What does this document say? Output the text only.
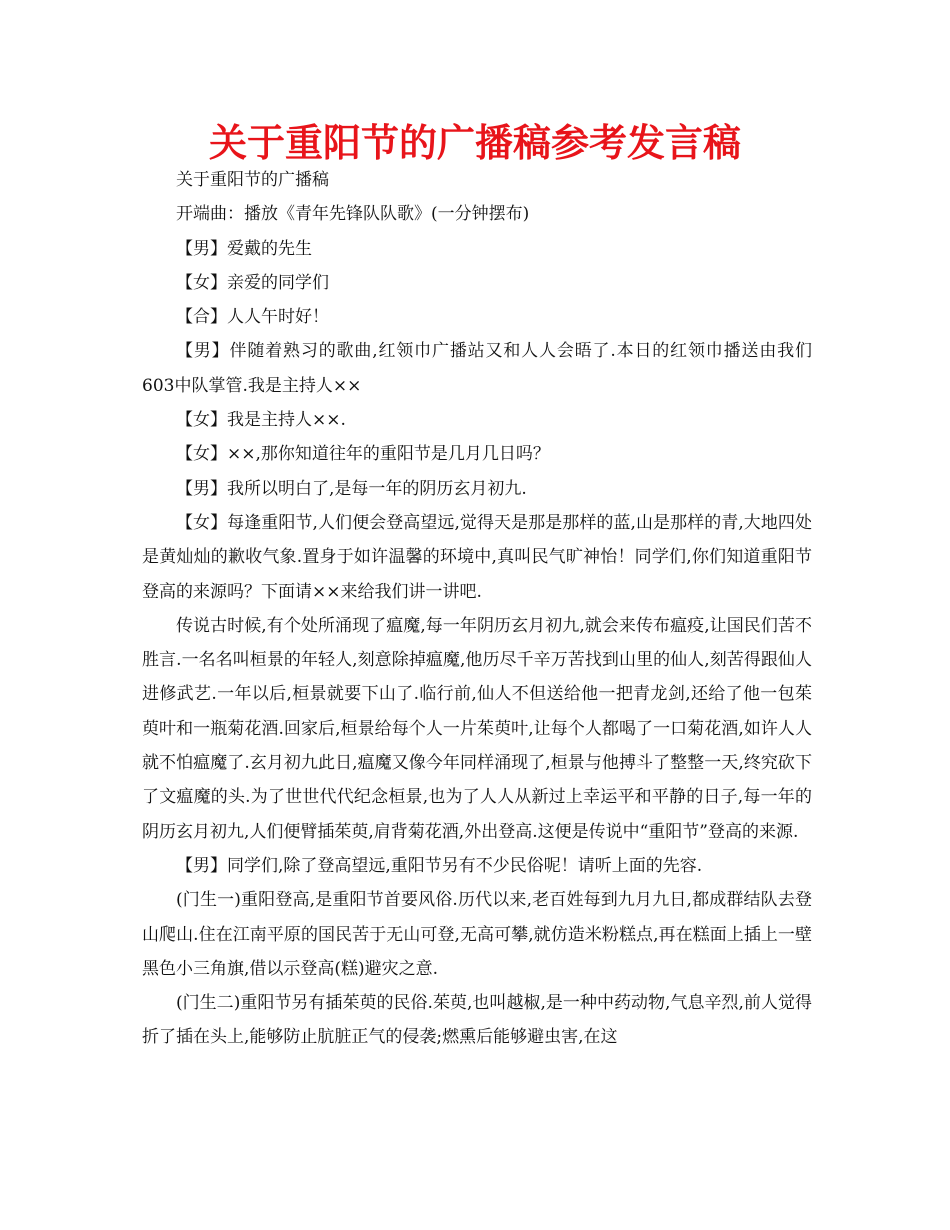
关于重阳节的广播稿参考发言稿

关于重阳节的广播稿

开端曲：播放《青年先锋队队歌》(一分钟摆布)

【男】爱戴的先生

【女】亲爱的同学们

【合】人人午时好！

【男】伴随着熟习的歌曲,红领巾广播站又和人人会晤了.本日的红领巾播送由我们603中队掌管.我是主持人××

【女】我是主持人××.

【女】××,那你知道往年的重阳节是几月几日吗？

【男】我所以明白了,是每一年的阴历玄月初九.

【女】每逢重阳节,人们便会登高望远,觉得天是那是那样的蓝,山是那样的青,大地四处是黄灿灿的歉收气象.置身于如许温馨的环境中,真叫民气旷神怡！同学们,你们知道重阳节登高的来源吗？下面请××来给我们讲一讲吧.

传说古时候,有个处所涌现了瘟魔,每一年阴历玄月初九,就会来传布瘟疫,让国民们苦不胜言.一名名叫桓景的年轻人,刻意除掉瘟魔,他历尽千辛万苦找到山里的仙人,刻苦得跟仙人进修武艺.一年以后,桓景就要下山了.临行前,仙人不但送给他一把青龙剑,还给了他一包茱萸叶和一瓶菊花酒.回家后,桓景给每个人一片茱萸叶,让每个人都喝了一口菊花酒,如许人人就不怕瘟魔了.玄月初九此日,瘟魔又像今年同样涌现了,桓景与他搏斗了整整一天,终究砍下了文瘟魔的头.为了世世代代纪念桓景,也为了人人从新过上幸运平和平静的日子,每一年的阴历玄月初九,人们便臂插茱萸,肩背菊花酒,外出登高.这便是传说中“重阳节”登高的来源.

【男】同学们,除了登高望远,重阳节另有不少民俗呢！请听上面的先容.

(门生一)重阳登高,是重阳节首要风俗.历代以来,老百姓每到九月九日,都成群结队去登山爬山.住在江南平原的国民苦于无山可登,无高可攀,就仿造米粉糕点,再在糕面上插上一壁黑色小三角旗,借以示登高(糕)避灾之意.

(门生二)重阳节另有插茱萸的民俗.茱萸,也叫越椒,是一种中药动物,气息辛烈,前人觉得折了插在头上,能够防止肮脏正气的侵袭;燃熏后能够避虫害,在这
